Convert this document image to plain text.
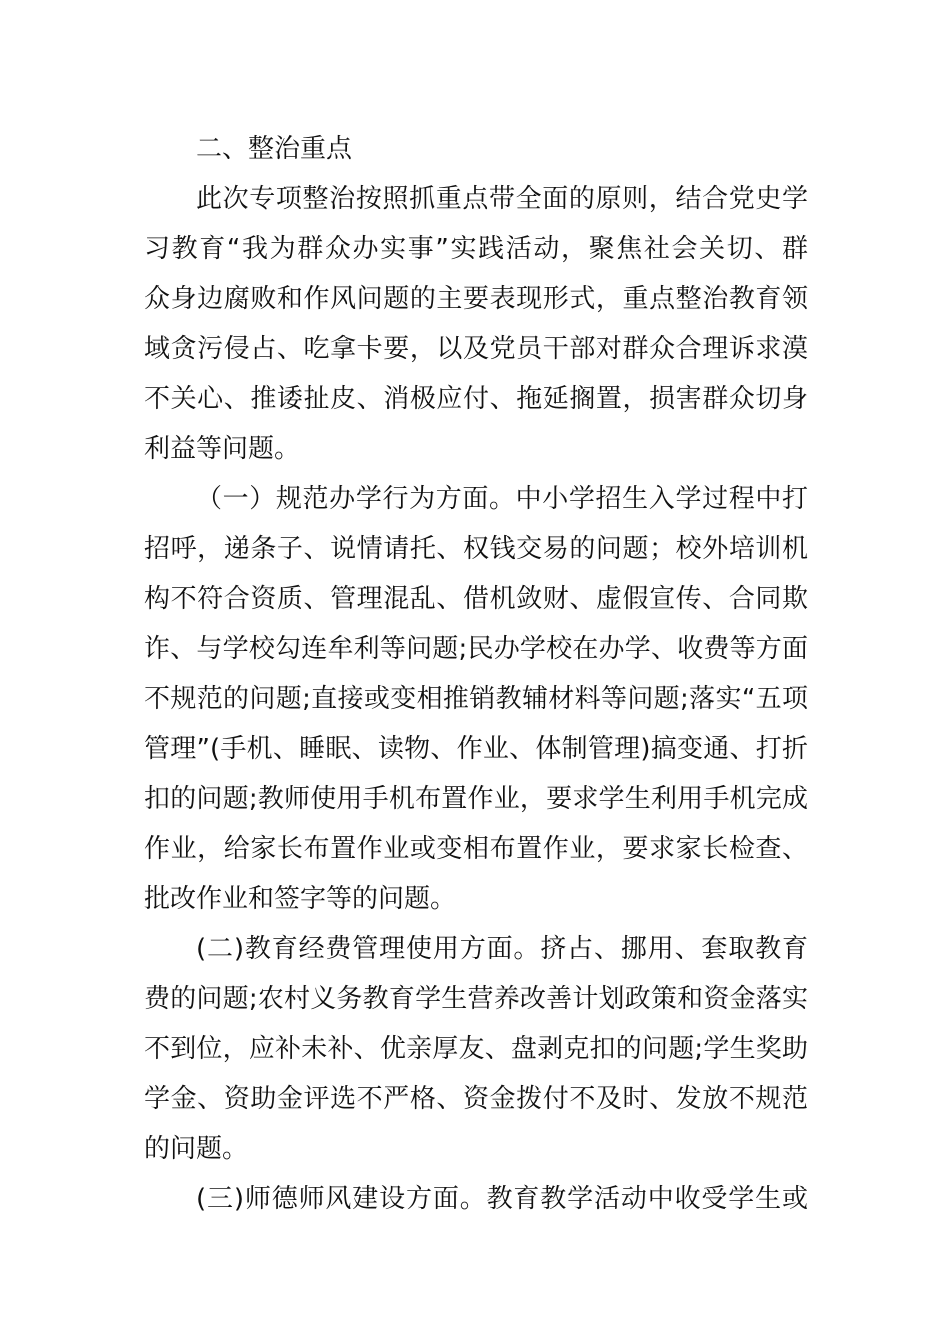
二、整治重点
此次专项整治按照抓重点带全面的原则，结合党史学
习教育“我为群众办实事”实践活动，聚焦社会关切、群
众身边腐败和作风问题的主要表现形式，重点整治教育领
域贪污侵占、吃拿卡要，以及党员干部对群众合理诉求漠
不关心、推诿扯皮、消极应付、拖延搁置，损害群众切身
利益等问题。
（一）规范办学行为方面。中小学招生入学过程中打
招呼，递条子、说情请托、权钱交易的问题；校外培训机
构不符合资质、管理混乱、借机敛财、虚假宣传、合同欺
诈、与学校勾连牟利等问题;民办学校在办学、收费等方面
不规范的问题;直接或变相推销教辅材料等问题;落实“五项
管理”(手机、睡眠、读物、作业、体制管理)搞变通、打折
扣的问题;教师使用手机布置作业，要求学生利用手机完成
作业，给家长布置作业或变相布置作业，要求家长检查、
批改作业和签字等的问题。
(二)教育经费管理使用方面。挤占、挪用、套取教育
费的问题;农村义务教育学生营养改善计划政策和资金落实
不到位，应补未补、优亲厚友、盘剥克扣的问题;学生奖助
学金、资助金评选不严格、资金拨付不及时、发放不规范
的问题。
(三)师德师风建设方面。教育教学活动中收受学生或
